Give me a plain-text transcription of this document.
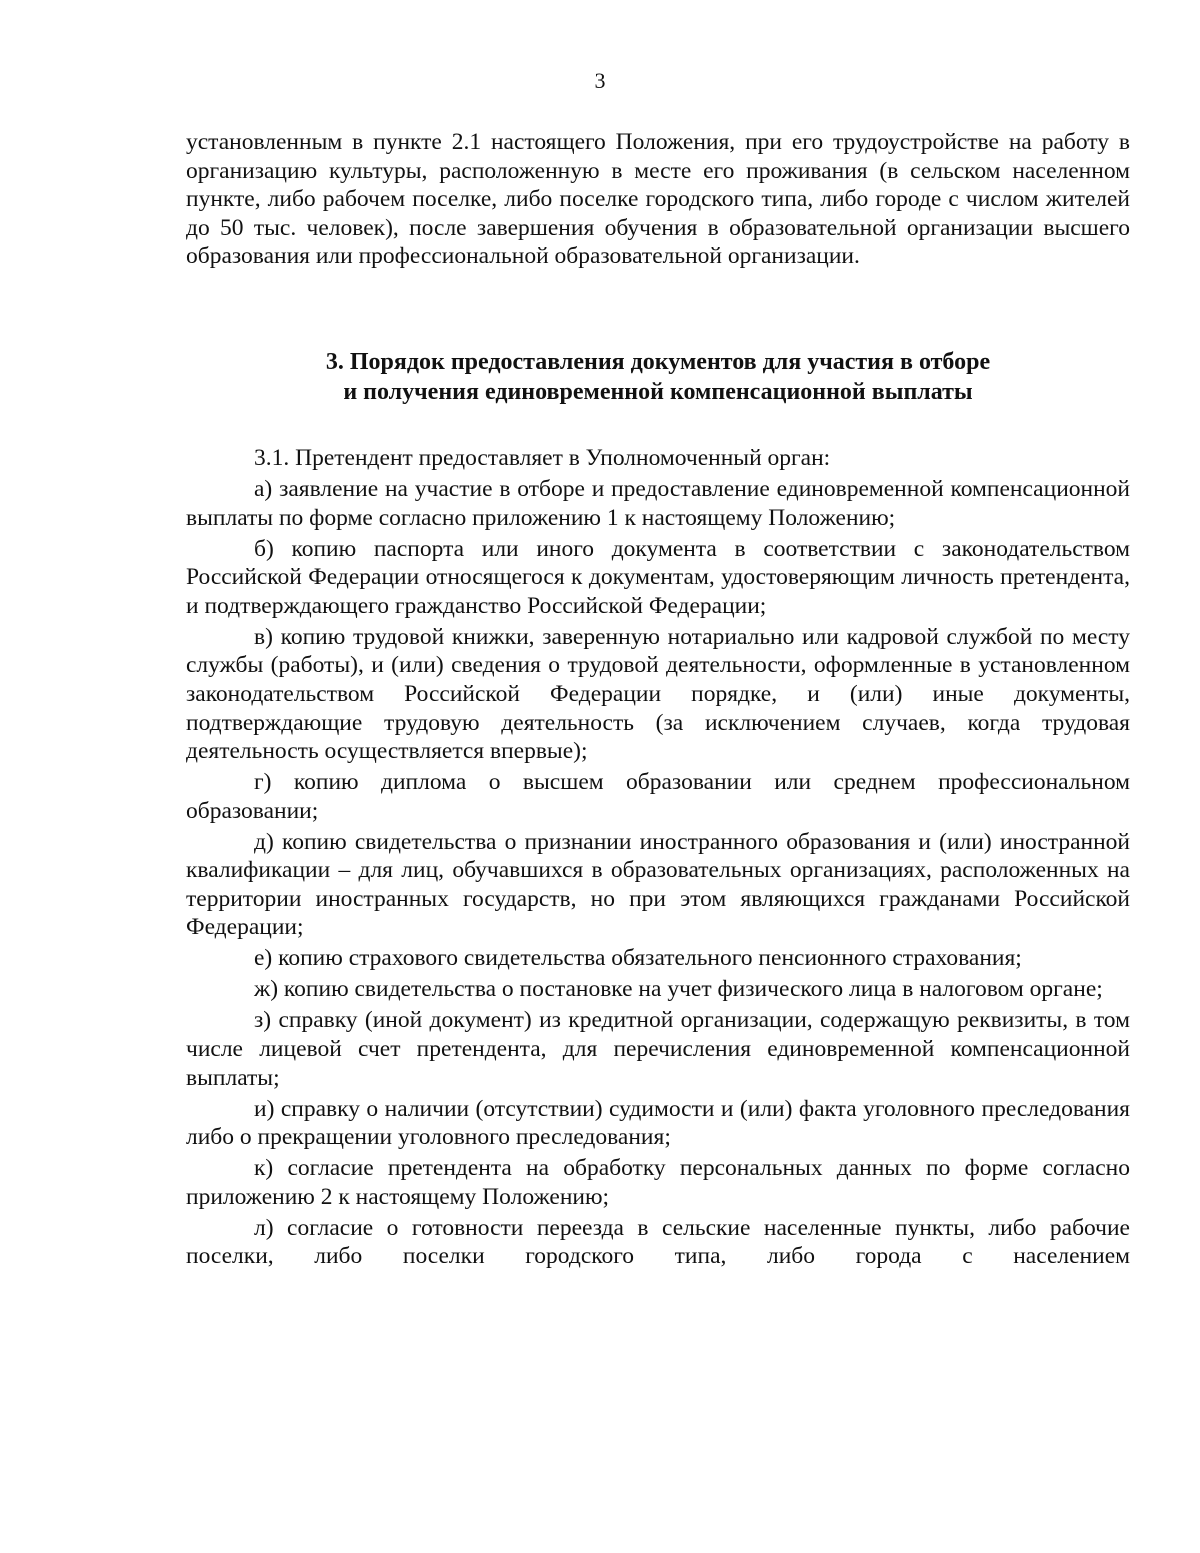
3
установленным в пункте 2.1 настоящего Положения, при его трудоустройстве на работу в организацию культуры, расположенную в месте его проживания (в сельском населенном пункте, либо рабочем поселке, либо поселке городского типа, либо городе с числом жителей до 50 тыс. человек), после завершения обучения в образовательной организации высшего образования или профессиональной образовательной организации.
3. Порядок предоставления документов для участия в отборе
и получения единовременной компенсационной выплаты

3.1. Претендент предоставляет в Уполномоченный орган:

а) заявление на участие в отборе и предоставление единовременной компенсационной выплаты по форме согласно приложению 1 к настоящему Положению;

б) копию паспорта или иного документа в соответствии с законодательством Российской Федерации относящегося к документам, удостоверяющим личность претендента, и подтверждающего гражданство Российской Федерации;

в) копию трудовой книжки, заверенную нотариально или кадровой службой по месту службы (работы), и (или) сведения о трудовой деятельности, оформленные в установленном законодательством Российской Федерации порядке, и (или) иные документы, подтверждающие трудовую деятельность (за исключением случаев, когда трудовая деятельность осуществляется впервые);

г) копию диплома о высшем образовании или среднем профессиональном образовании;

д) копию свидетельства о признании иностранного образования и (или) иностранной квалификации – для лиц, обучавшихся в образовательных организациях, расположенных на территории иностранных государств, но при этом являющихся гражданами Российской Федерации;

е) копию страхового свидетельства обязательного пенсионного страхования;

ж) копию свидетельства о постановке на учет физического лица в налоговом органе;

з) справку (иной документ) из кредитной организации, содержащую реквизиты, в том числе лицевой счет претендента, для перечисления единовременной компенсационной выплаты;

и) справку о наличии (отсутствии) судимости и (или) факта уголовного преследования либо о прекращении уголовного преследования;

к) согласие претендента на обработку персональных данных по форме согласно приложению 2 к настоящему Положению;

л) согласие о готовности переезда в сельские населенные пункты, либо рабочие поселки, либо поселки городского типа, либо города с населением
